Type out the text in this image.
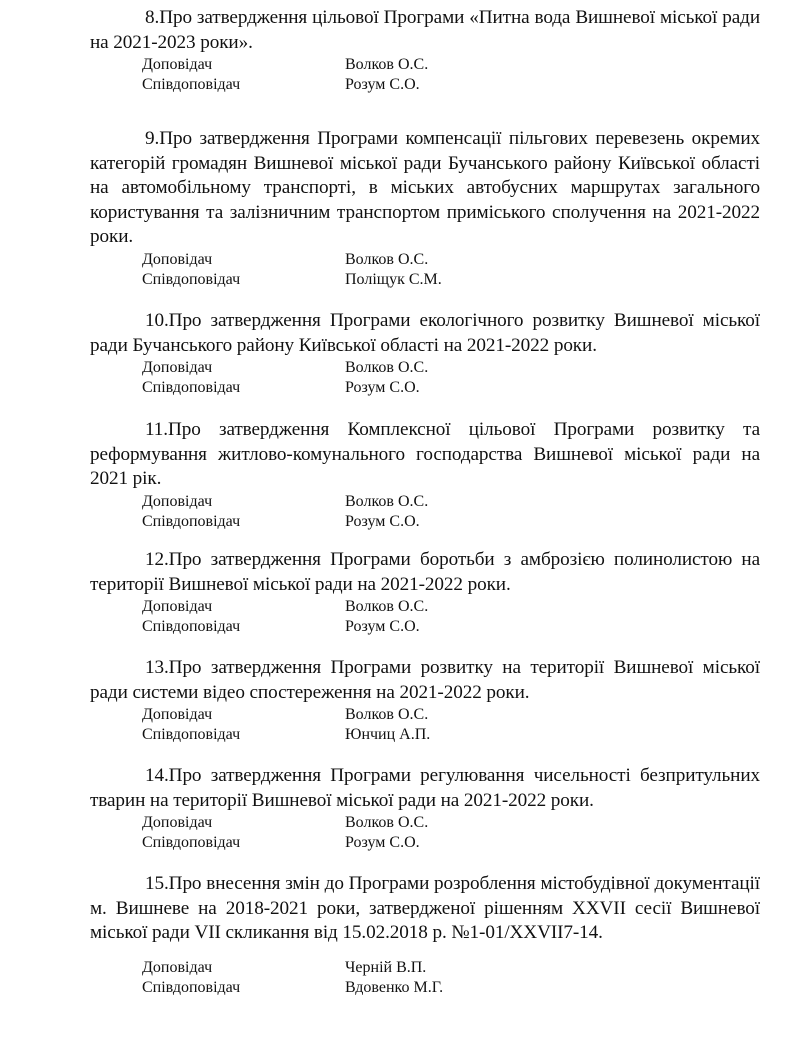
8.Про затвердження цільової Програми «Питна вода Вишневої міської ради на 2021-2023 роки».

Доповідач	Волков О.С.
Співдоповідач	Розум С.О.

9.Про затвердження Програми компенсації пільгових перевезень окремих категорій громадян Вишневої міської ради Бучанського району Київської області на автомобільному транспорті, в міських автобусних маршрутах загального користування та залізничним транспортом приміського сполучення на 2021-2022 роки.

Доповідач	Волков О.С.
Співдоповідач	Поліщук С.М.

10.Про затвердження Програми екологічного розвитку Вишневої міської ради Бучанського району Київської області на 2021-2022 роки.

Доповідач	Волков О.С.
Співдоповідач	Розум С.О.

11.Про затвердження Комплексної цільової Програми розвитку та реформування житлово-комунального господарства Вишневої міської ради на 2021 рік.

Доповідач	Волков О.С.
Співдоповідач	Розум С.О.

12.Про затвердження Програми боротьби з амброзією полинолистою на території Вишневої міської ради на 2021-2022 роки.

Доповідач	Волков О.С.
Співдоповідач	Розум С.О.

13.Про затвердження Програми розвитку на території Вишневої міської ради системи відео спостереження на 2021-2022 роки.

Доповідач	Волков О.С.
Співдоповідач	Юнчиц А.П.

14.Про затвердження Програми регулювання чисельності безпритульних тварин на території Вишневої міської ради на 2021-2022 роки.

Доповідач	Волков О.С.
Співдоповідач	Розум С.О.

15.Про внесення змін до Програми розроблення містобудівної документації м. Вишневе на 2018-2021 роки, затвердженої рішенням XXVII сесії Вишневої міської ради VII скликання від 15.02.2018 р. №1-01/XXVII7-14.

Доповідач	Черній В.П.
Співдоповідач	Вдовенко М.Г.
